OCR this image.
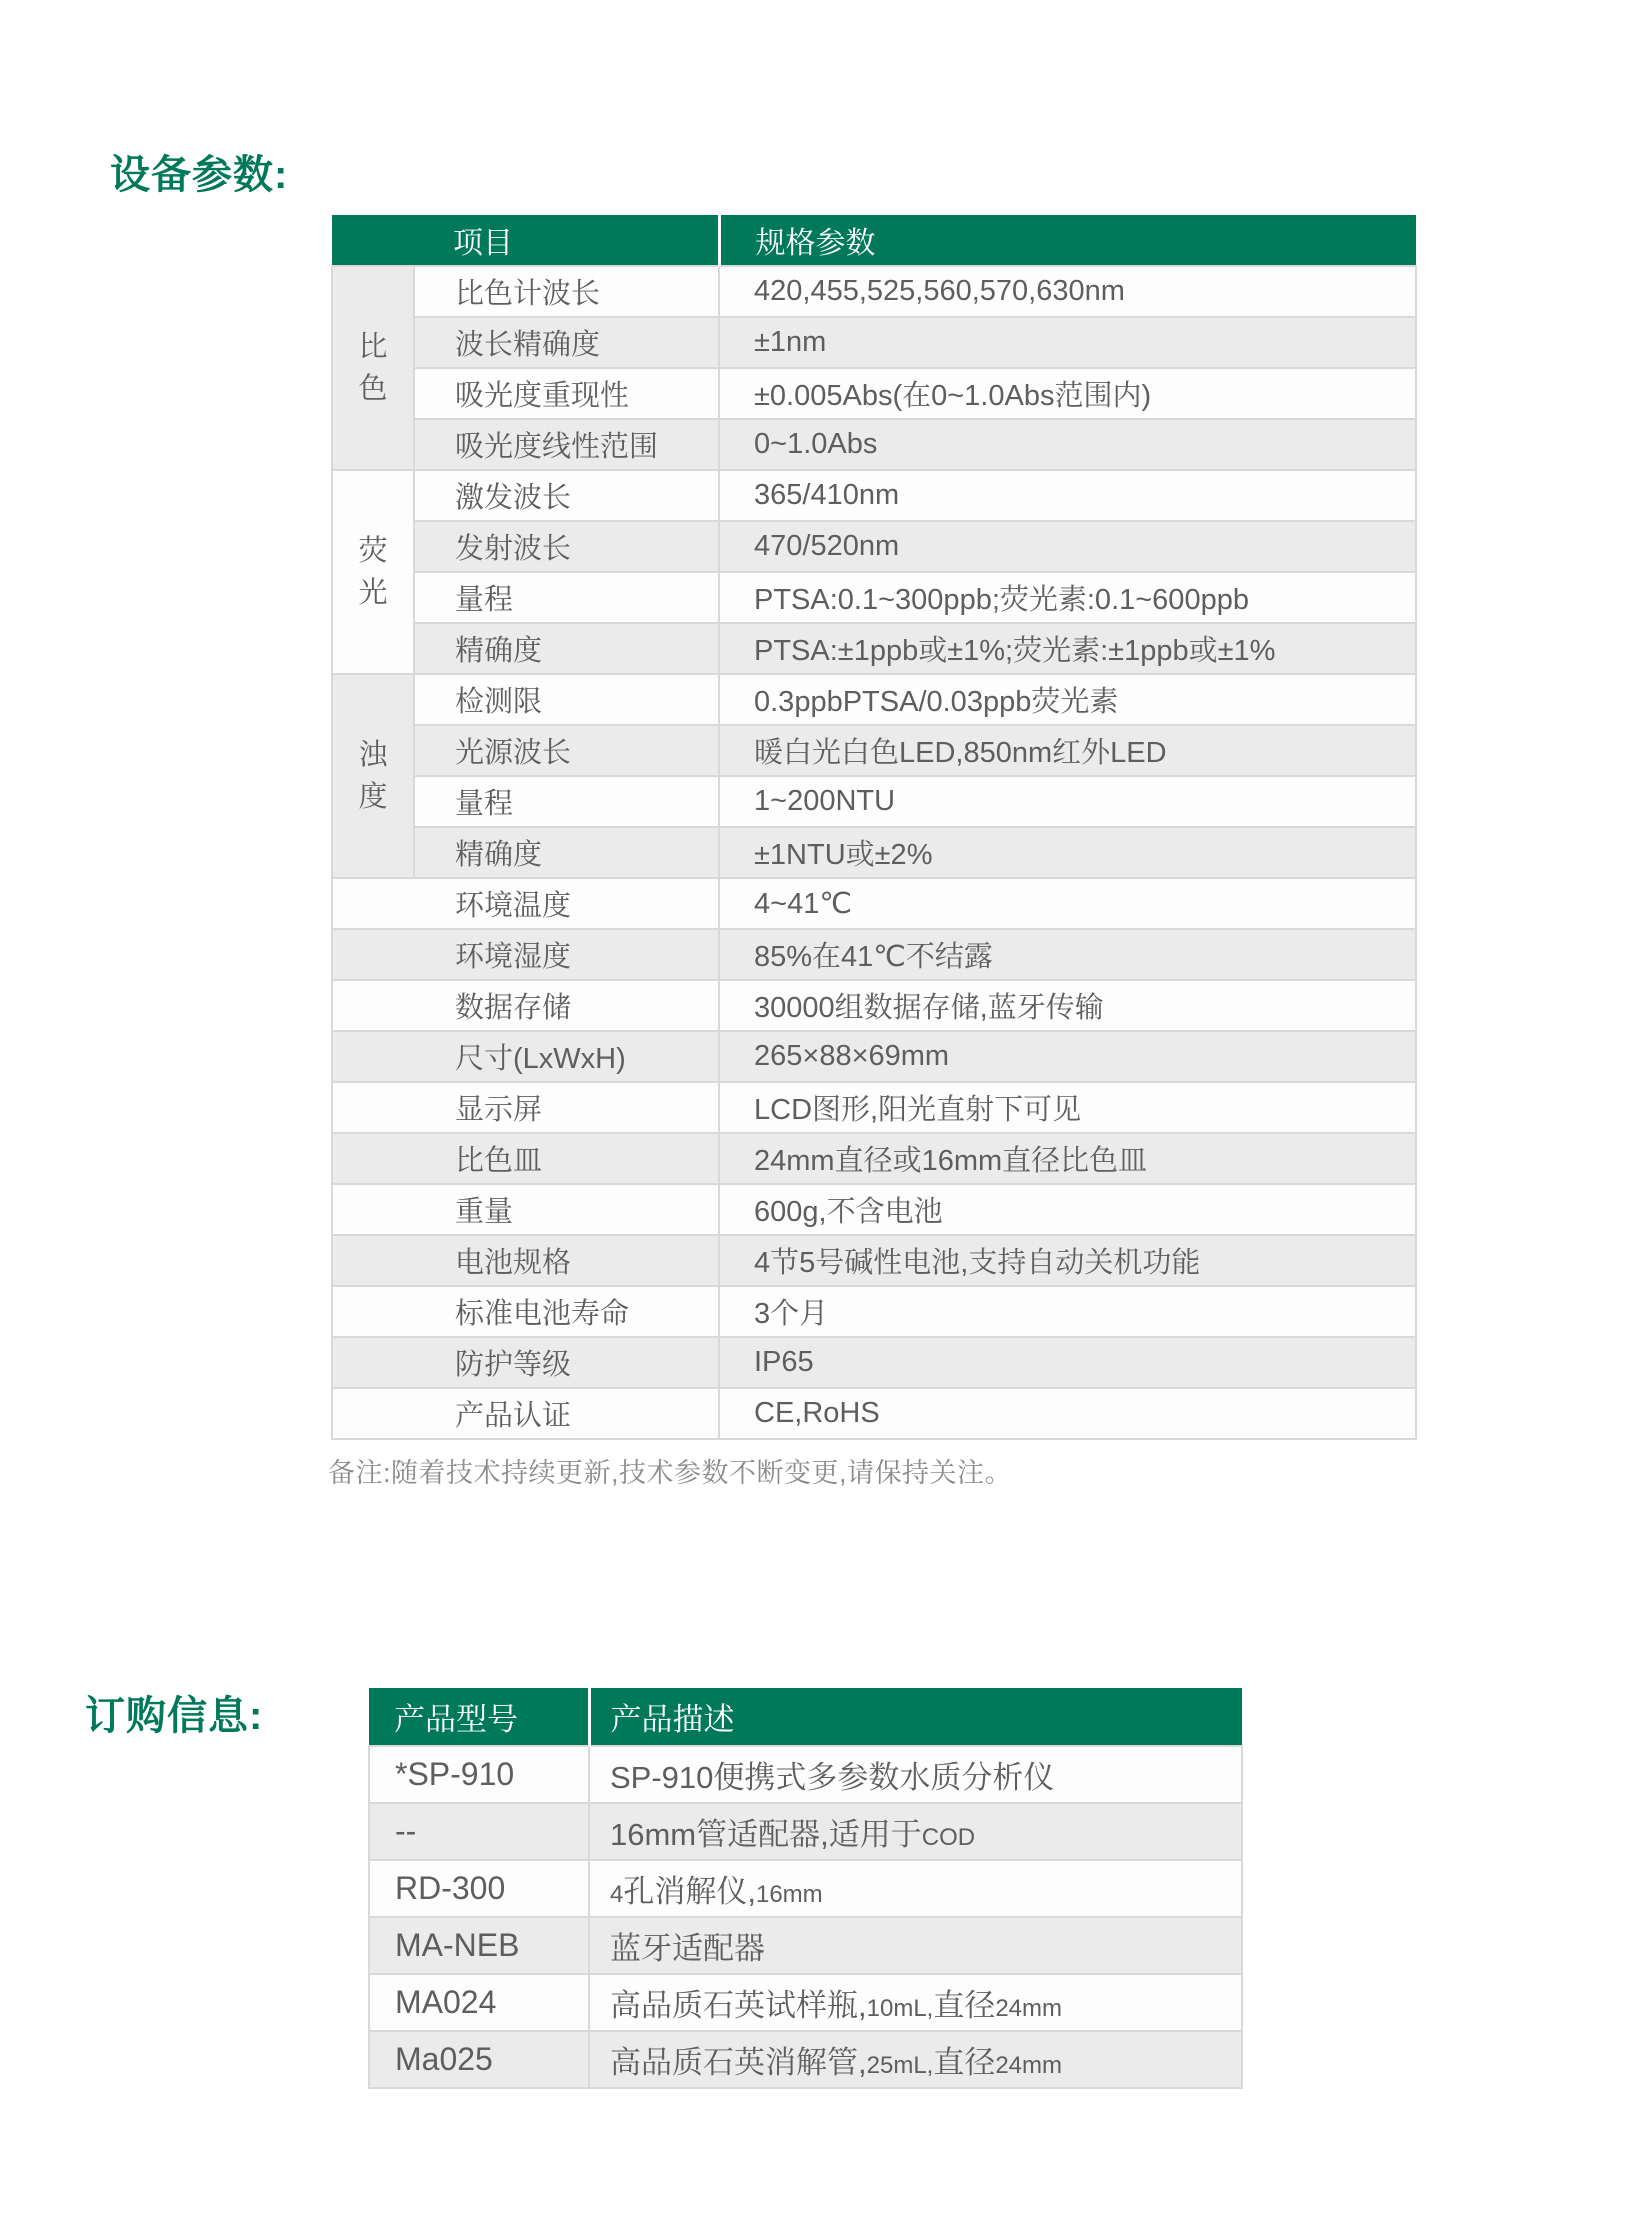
设备参数:
项目		规格参数

比
色	比色计波长	420,455,525,560,570,630nm
	波长精确度	±1nm
	吸光度重现性	±0.005Abs(在0~1.0Abs范围内)
	吸光度线性范围	0~1.0Abs

荧
光	激发波长	365/410nm
	发射波长	470/520nm
	量程	PTSA:0.1~300ppb;荧光素:0.1~600ppb
	精确度	PTSA:±1ppb或±1%;荧光素:±1ppb或±1%

浊
度	检测限	0.3ppbPTSA/0.03ppb荧光素
	光源波长	暖白光白色LED,850nm红外LED
	量程	1~200NTU
	精确度	±1NTU或±2%
环境温度		4~41℃
环境湿度		85%在41℃不结露
数据存储		30000组数据存储,蓝牙传输
尺寸(LxWxH)		265×88×69mm
显示屏		LCD图形,阳光直射下可见
比色皿		24mm直径或16mm直径比色皿
重量		600g,不含电池
电池规格		4节5号碱性电池,支持自动关机功能
标准电池寿命		3个月
防护等级		IP65
产品认证		CE,RoHS

备注:随着技术持续更新,技术参数不断变更,请保持关注。

订购信息:	产品型号	产品描述
*SP-910	SP-910便携式多参数水质分析仪
--	16mm管适配器,适用于COD
RD-300	4孔消解仪,16mm
MA-NEB	蓝牙适配器
MA024	高品质石英试样瓶,10mL,直径24mm
Ma025	高品质石英消解管,25mL,直径24mm
